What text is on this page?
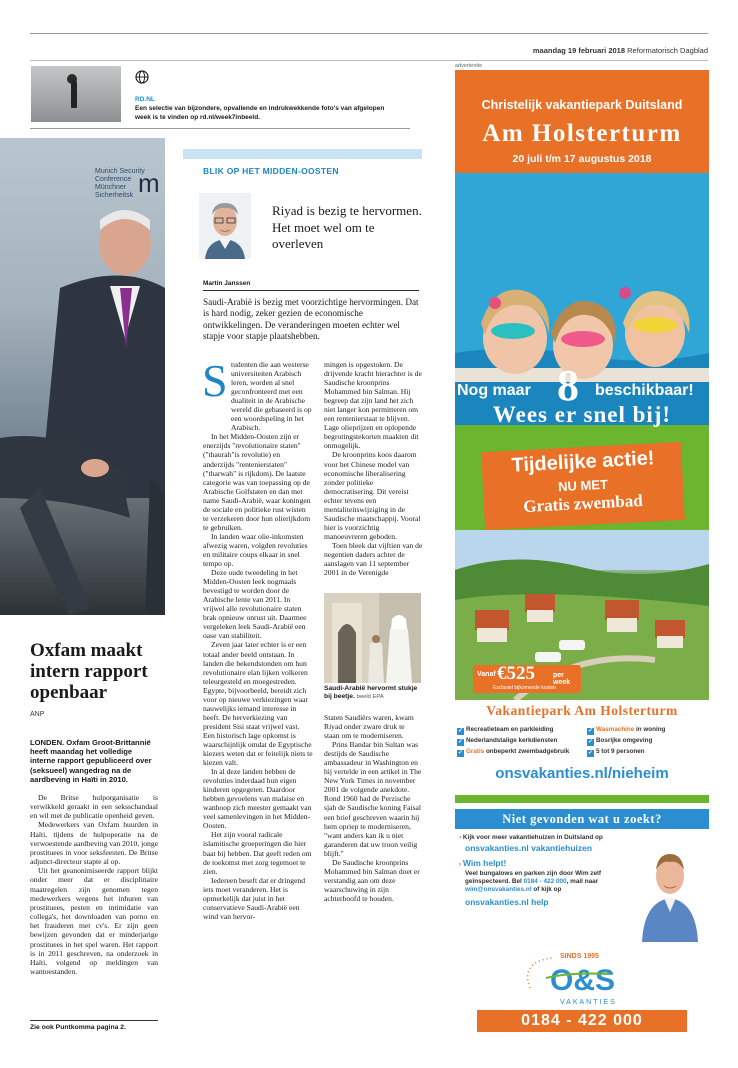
maandag 19 februari 2018 Reformatorisch Dagblad
advertentie
RD.NL
Een selectie van bijzondere, opvallende en indrukwekkende foto's van afgelopen week is te vinden op rd.nl/week7inbeeld.
Munich Security
Conference
Münchner Sicherheitsk m
Oxfam maakt intern rapport openbaar
ANP
LONDEN. Oxfam Groot-Brittannië heeft maandag het volledige interne rapport gepubliceerd over (seksueel) wangedrag na de aardbeving in Haïti in 2010.

De Britse hulporganisatie is verwikkeld geraakt in een seksschandaal en wil met de publicatie openheid geven.

Medewerkers van Oxfam huurden in Haïti, tijdens de hulpoperatie na de verwoestende aardbeving van 2010, jonge prostituees in voor seksfeesten. De Britse adjunct-directeur stapte al op.

Uit het geanonimiseerde rapport blijkt onder meer dat er disciplinaire maatregelen zijn genomen tegen medewerkers wegens het inhuren van prostituees, pesten en intimidatie van collega's, het downloaden van porno en het frauderen met cv's. Er zijn geen bewijzen gevonden dat er minderjarige prostituees in het spel waren. Het rapport is in 2011 geschreven, na onderzoek in Haïti, volgend op meldingen van wantoestanden.

Zie ook Puntkomma pagina 2.
BLIK OP HET MIDDEN-OOSTEN
Riyad is bezig te hervormen. Het moet wel om te overleven
Martin Janssen
Saudi-Arabië is bezig met voorzichtige hervormingen. Dat is hard nodig, zeker gezien de economische ontwikkelingen. De veranderingen moeten echter wel stapje voor stapje plaatshebben.
S tudenten die aan westerse universiteiten Arabisch leren, worden al snel geconfronteerd met een dualiteit in de Arabische wereld die gebaseerd is op een woordspeling in het Arabisch.

In het Midden-Oosten zijn er enerzijds "revolutionaire staten" ("thaurah"is revolutie) en anderzijds "rentenierstaten" ("tharwah" is rijkdom). De laatste categorie was van toepassing op de Arabische Golfstaten en dan met name Saudi-Arabië, waar koningen de sociale en politieke rust wisten te verzekeren door hun olierijkdom te gebruiken.

In landen waar olie-inkomsten afwezig waren, volgden revoluties en militaire coups elkaar in snel tempo op.

Deze oude tweedeling in het Midden-Oosten leek nogmaals bevestigd te worden door de Arabische lente van 2011. In vrijwel alle revolutionaire staten brak opnieuw onrust uit. Daarmee vergeleken leek Saudi-Arabië een oase van stabiliteit.

Zeven jaar later echter is er een totaal ander beeld ontstaan. In landen die bekendstonden om hun revolutionaire elan lijken volkeren teleurgesteld en moegestreden. Egypte, bijvoorbeeld, bereidt zich voor op nieuwe verkiezingen waar nauwelijks iemand interesse in heeft. De herverkiezing van president Sisi staat vrijwel vast. Een historisch lage opkomst is waarschijnlijk omdat de Egyptische kiezers weten dat er feitelijk niets te kiezen valt.

In al deze landen hebben de revoluties inderdaad hun eigen kinderen opgegeten. Daardoor hebben gevoelens van malaise en wanhoop zich meester gemaakt van veel samenlevingen in het Midden-Oosten.

Het zijn vooral radicale islamitische groeperingen die hier baat bij hebben. Dat geeft reden om de toekomst met zorg tegemoet te zien.

Iedereen beseft dat er dringend iets moet veranderen. Het is opmerkelijk dat juist in het conservatieve Saudi-Arabië een wind van hervor-

mingen is opgestoken. De drijvende kracht hierachter is de Saudische kroonprins Mohammed bin Salman. Hij begreep dat zijn land het zich niet langer kon permitteren om een rentenierstaat te blijven. Lage olieprijzen en oplopende begrotingstekorten maakten dit onmogelijk.

De kroonprins koos daarom voor het Chinese model van economische liberalisering zonder politieke democratisering. Dit vereist echter tevens een mentaliteitswijziging in de Saudische maatschappij. Vooral hier is voorzichtig manoeuvreren geboden.

Toen bleek dat vijftien van de negentien daders achter de aanslagen van 11 september 2001 in de Verenigde

Saudi-Arabië hervormt stukje bij beetje. beeld EPA

Staten Saudiërs waren, kwam Riyad onder zware druk te staan om te moderniseren.

Prins Bandar bin Sultan was destijds de Saudische ambassadeur in Washington en hij vertelde in een artikel in The New York Times in november 2001 de volgende anekdote. Rond 1960 had de Perzische sjah de Saudische koning Faisal een brief geschreven waarin hij hem opriep te moderniseren, "want anders kan ik u niet garanderen dat uw troon veilig blijft."

De Saudische kroonprins Mohammed bin Salman doet er verstandig aan om deze waarschuwing in zijn achterhoofd te houden.

Christelijk vakantiepark Duitsland
Am Holsterturm
20 juli t/m 17 augustus 2018
Nog maar 8 beschikbaar!
Wees er snel bij!
Tijdelijke actie!
NU MET
Gratis zwembad
Vanaf €525	per week
Exclusief bijkomende kosten
Vakantiepark Am Holsterturm
✓ Recreatieteam en parkleiding
✓ Nederlandstalige kerkdiensten
✓ Gratis onbeperkt zwembadgebruik
✓ Wasmachine in woning
✓ Bosrijke omgeving
✓ 5 tot 9 personen
onsvakanties.nl/nieheim
Niet gevonden wat u zoekt?
› Kijk voor meer vakantiehuizen in Duitsland op
onsvakanties.nl vakantiehuizen
› Wim helpt!
Veel bungalows en parken zijn door Wim zelf
geïnspecteerd. Bel 0184 - 422 000, mail naar
wim@onsvakanties.nl of kijk op
onsvakanties.nl help
SINDS 1995
O&S
VAKANTIES
0184 - 422 000
